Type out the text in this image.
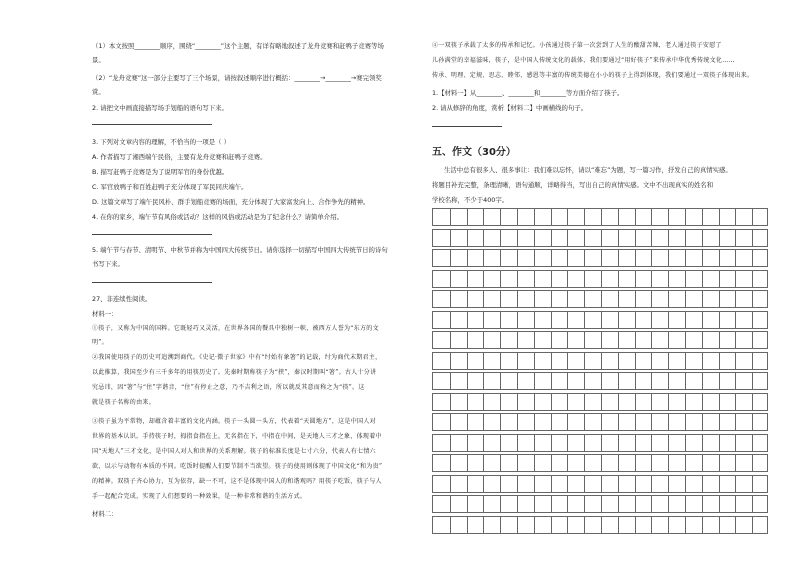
（1）本文按照________顺序，围绕“________”这个主题，有详有略地叙述了龙舟竞赛和赶鸭子竞赛等场
景。
（2）“龙舟竞赛”这一部分主要写了三个场景，请按叙述顺序进行概括：________→________→赛完领奖
赏。
2. 请把文中画直接描写场手划船的语句写下来。
3. 下列对文章内容的理解，不恰当的一项是（ ）
A. 作者描写了湘西端午民俗，主要有龙舟竞赛和赶鸭子竞赛。
B. 描写赶鸭子竞赛是为了说明军官的身份优越。
C. 军官放鸭子和百姓赶鸭子充分体现了军民同庆端午。
D. 这篇文章写了端午民风朴、群手划船竞赛的场面，充分体现了大家富发向上、合作争先的精神。
4. 在你的家乡，端午节有风俗或活动？这样的风俗或活动是为了纪念什么？请简单介绍。
5. 端午节与春节、清明节、中秋节并称为中国四大传统节日。请你选择一切描写中国四大传统节日的诗句
书写下来。
27、非连续性阅读。
材料一：
①筷子，又称为中国的国粹。它既轻巧又灵活，在世界各国的餐具中独树一帜，被西方人誉为“东方的文
明”。
②我国使用筷子的历史可追溯到商代。《史记·微子世家》中有“纣始有象箸”的记载，纣为商代末期君主，
以此推算，我国至少有三千多年的用筷历史了。先秦时期称筷子为“挟”，秦汉时期叫“箸”。古人十分讲
究忌讳，因“箸”与“住”字谐音，“住”有停止之意，乃不吉利之语，所以就反其意而称之为“筷”。这
就是筷子名称的由来。
③筷子虽为平常物，却蕴含着丰富的文化内涵。筷子一头圆一头方，代表着“天圆地方”，这是中国人对
世界的基本认识。手持筷子时，拇指食指在上，无名指在下，中指在中间，是天地人三才之象，体现着中
国“天地人”三才文化，是中国人对人和世界的关系理解。筷子的标准长度是七寸六分，代表人有七情六
欲，以示与动物有本质的不同。吃饭时提醒人们要节制不当欲望。筷子的使用则体现了中国文化“和为贵”
的精神。双筷子齐心协力，互为依存，缺一不可，这不是体现中国人的和谐观吗？用筷子吃饭，筷子与人
手一起配合完成，实现了人们想要的一种效果，是一种非常和谐的生活方式。
材料二：
④一双筷子承载了太多的传承和记忆。小孩通过筷子第一次尝到了人生的酸甜苦辣，老人通过筷子安慰了
儿孙满堂的幸福滋味，筷子，是中国人传统文化的载体，我们要通过“用好筷子”来传承中华优秀传统文化……
传承、明理、定规、思志、睦邻、感恩等丰富的传统美德在小小的筷子上得到体现，我们要通过一双筷子体现出来。
1.【材料一】从________、________和________等方面介绍了筷子。
2. 请从修辞的角度，赏析【材料二】中画横线的句子。
五、作文（30分）
生活中总有很多人、很多事让：我们难以忘怀，请以“难忘”为题，写一篇习作，抒发自己的真情实感。
将题目补充完整，条理清晰，语句通顺，详略得当，写出自己的真情实感。文中不出现真实的姓名和
学校名称，不少于400字。
